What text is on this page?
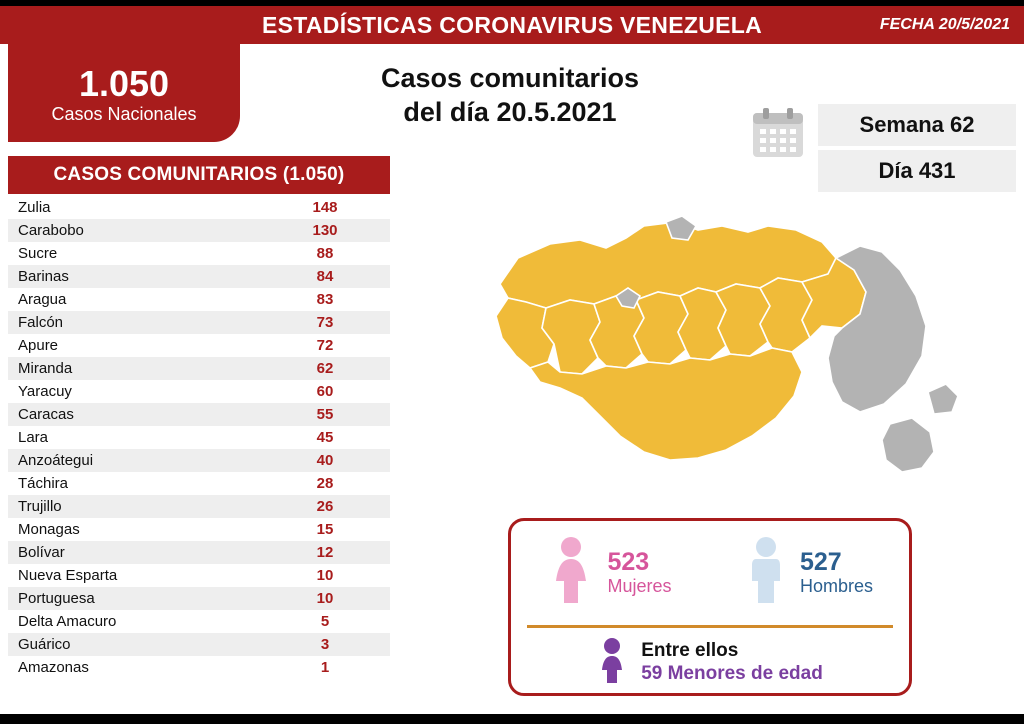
ESTADÍSTICAS CORONAVIRUS VENEZUELA	FECHA 20/5/2021
1.050
Casos Nacionales
Casos comunitarios
del día 20.5.2021	Semana 62
Día 431
CASOS COMUNITARIOS (1.050)
Zulia	148
Carabobo	130
Sucre	88
Barinas	84
Aragua	83
Falcón	73
Apure	72
Miranda	62
Yaracuy	60
Caracas	55
Lara	45
Anzoátegui	40
Táchira	28
Trujillo	26
Monagas	15
Bolívar	12
Nueva Esparta	10
Portuguesa	10
Delta Amacuro	5
Guárico	3
Amazonas	1
523
Mujeres
527
Hombres
Entre ellos
59 Menores de edad
